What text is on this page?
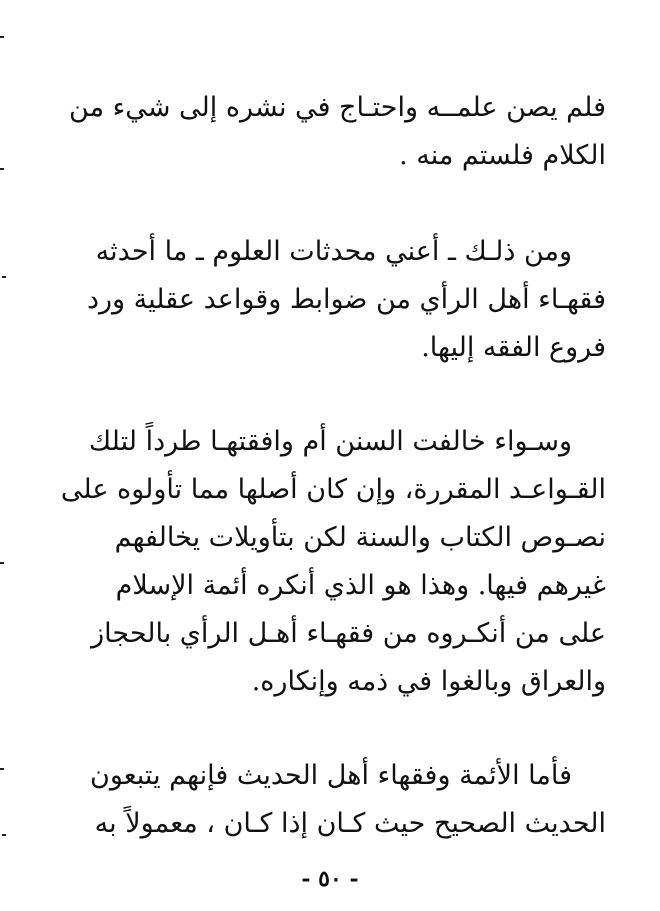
فلم يصن علمــه واحتـاج في نشره إلى شيء من
الكلام فلستم منه .
ومن ذلـك ـ أعني محدثات العلوم ـ ما أحدثه
فقهـاء أهل الرأي من ضوابط وقواعد عقلية ورد
فروع الفقه إليها.
وسـواء خالفت السنن أم وافقتهـا طرداً لتلك
القـواعـد المقررة، وإن كان أصلها مما تأولوه على
نصـوص الكتاب والسنة لكن بتأويلات يخالفهم
غيرهم فيها. وهذا هو الذي أنكره أئمة الإسلام
على من أنكـروه من فقهـاء أهـل الرأي بالحجاز
والعراق وبالغوا في ذمه وإنكاره.
فأما الأئمة وفقهاء أهل الحديث فإنهم يتبعون
الحديث الصحيح حيث كـان إذا كـان ، معمولاً به
- ٥٠ -
